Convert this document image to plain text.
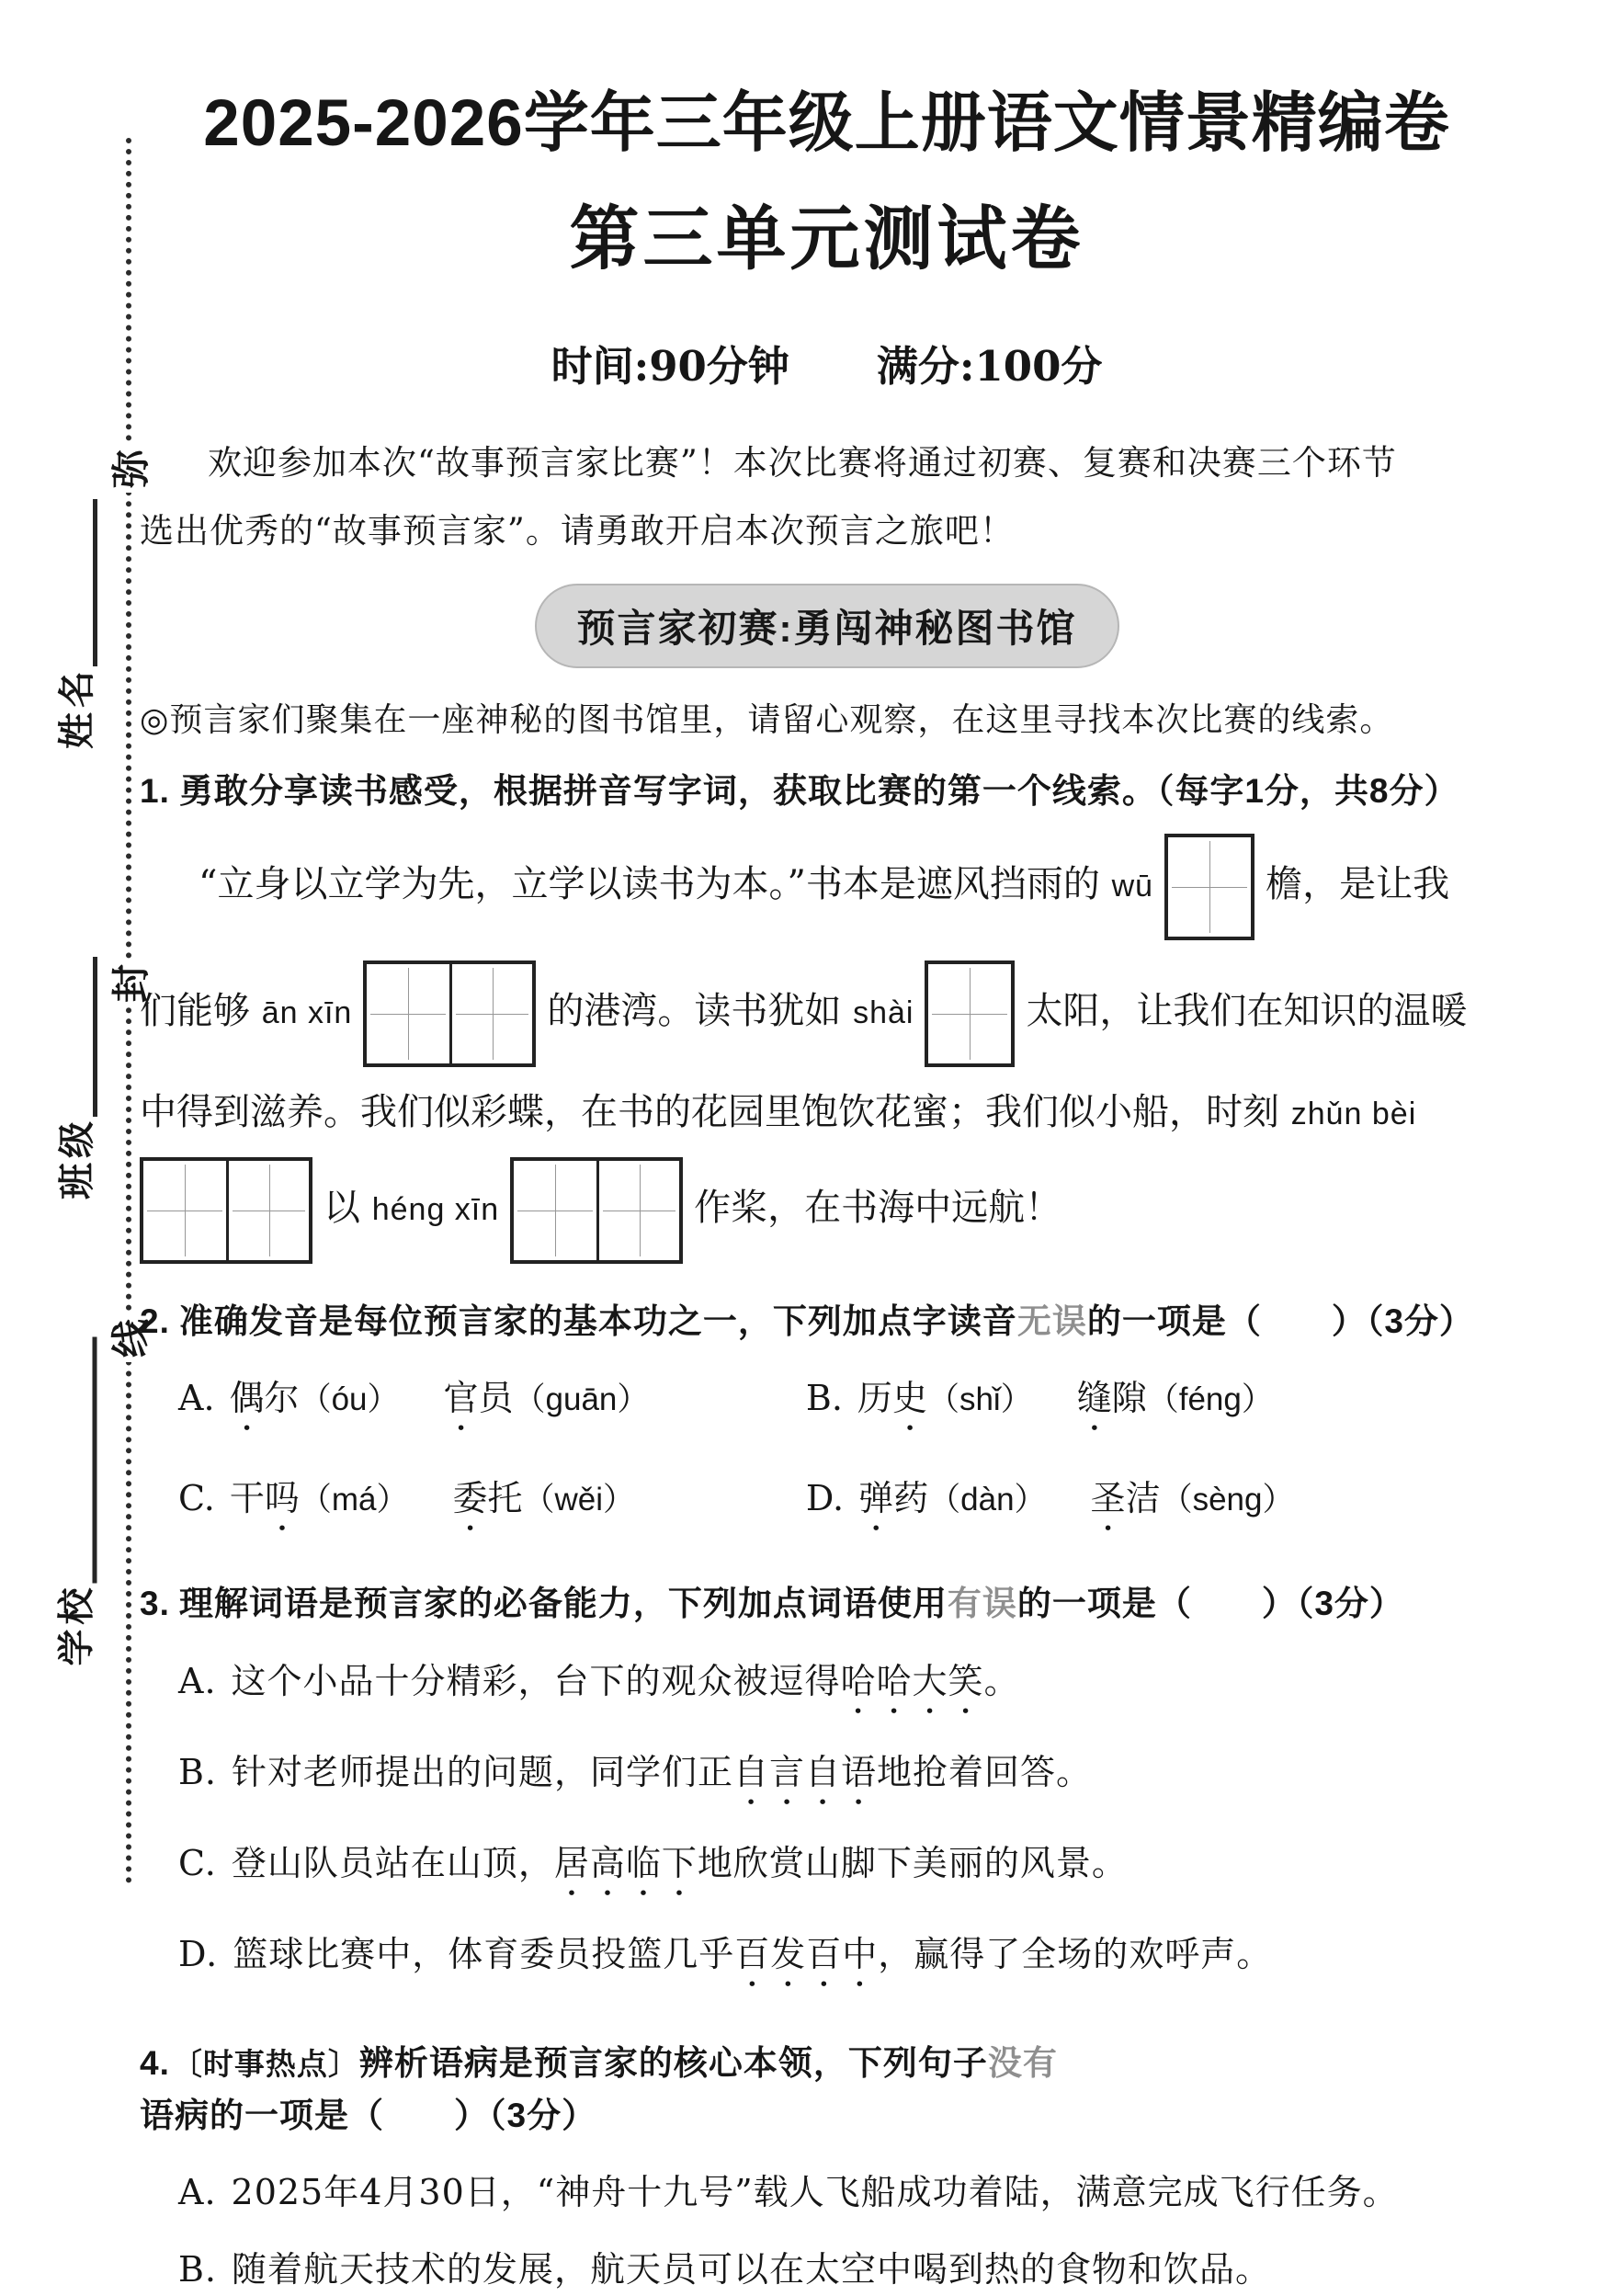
弥
封
线
姓名
班级
学校
2025-2026学年三年级上册语文情景精编卷
第三单元测试卷
时间:90分钟 满分:100分
欢迎参加本次“故事预言家比赛”！本次比赛将通过初赛、复赛和决赛三个环节
选出优秀的“故事预言家”。请勇敢开启本次预言之旅吧！
预言家初赛:勇闯神秘图书馆
◎预言家们聚集在一座神秘的图书馆里，请留心观察，在这里寻找本次比赛的线索。
1. 勇敢分享读书感受，根据拼音写字词，获取比赛的第一个线索。（每字1分，共8分）
“立身以立学为先，立学以读书为本。”书本是遮风挡雨的 wū	檐，是让我
们能够 ān xīn	的港湾。读书犹如 shài	太阳，让我们在知识的温暖
中得到滋养。我们似彩蝶，在书的花园里饱饮花蜜；我们似小船，时刻 zhǔn bèi
以 héng xīn	作桨，在书海中远航！
2. 准确发音是每位预言家的基本功之一，下列加点字读音无误的一项是（　　）（3分）
A. 偶尔（óu） 官员（guān）	B. 历史（shǐ） 缝隙（féng）
C. 干吗（má） 委托（wěi）	D. 弹药（dàn） 圣洁（sèng）
3. 理解词语是预言家的必备能力，下列加点词语使用有误的一项是（　　）（3分）
A. 这个小品十分精彩，台下的观众被逗得哈哈大笑。
B. 针对老师提出的问题，同学们正自言自语地抢着回答。
C. 登山队员站在山顶，居高临下地欣赏山脚下美丽的风景。
D. 篮球比赛中，体育委员投篮几乎百发百中，赢得了全场的欢呼声。
4.〔时事热点〕辨析语病是预言家的核心本领，下列句子没有语病的一项是（　　）（3分）
A. 2025年4月30日，“神舟十九号”载人飞船成功着陆，满意完成飞行任务。
B. 随着航天技术的发展，航天员可以在太空中喝到热的食物和饮品。
